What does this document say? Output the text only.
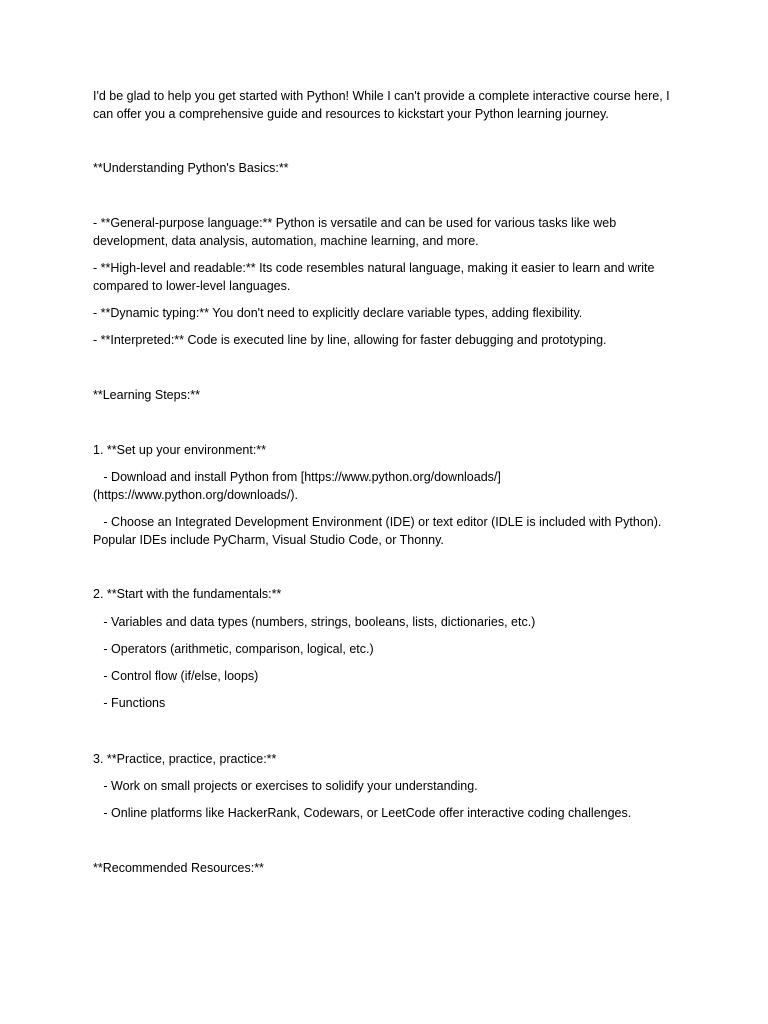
I'd be glad to help you get started with Python! While I can't provide a complete interactive course here, I can offer you a comprehensive guide and resources to kickstart your Python learning journey.

**Understanding Python's Basics:**

- **General-purpose language:** Python is versatile and can be used for various tasks like web development, data analysis, automation, machine learning, and more.

- **High-level and readable:** Its code resembles natural language, making it easier to learn and write compared to lower-level languages.

- **Dynamic typing:** You don't need to explicitly declare variable types, adding flexibility.

- **Interpreted:** Code is executed line by line, allowing for faster debugging and prototyping.

**Learning Steps:**

1. **Set up your environment:**

- Download and install Python from [https://www.python.org/downloads/](https://www.python.org/downloads/).

- Choose an Integrated Development Environment (IDE) or text editor (IDLE is included with Python). Popular IDEs include PyCharm, Visual Studio Code, or Thonny.

2. **Start with the fundamentals:**

- Variables and data types (numbers, strings, booleans, lists, dictionaries, etc.)

- Operators (arithmetic, comparison, logical, etc.)

- Control flow (if/else, loops)

- Functions

3. **Practice, practice, practice:**

- Work on small projects or exercises to solidify your understanding.

- Online platforms like HackerRank, Codewars, or LeetCode offer interactive coding challenges.

**Recommended Resources:**
